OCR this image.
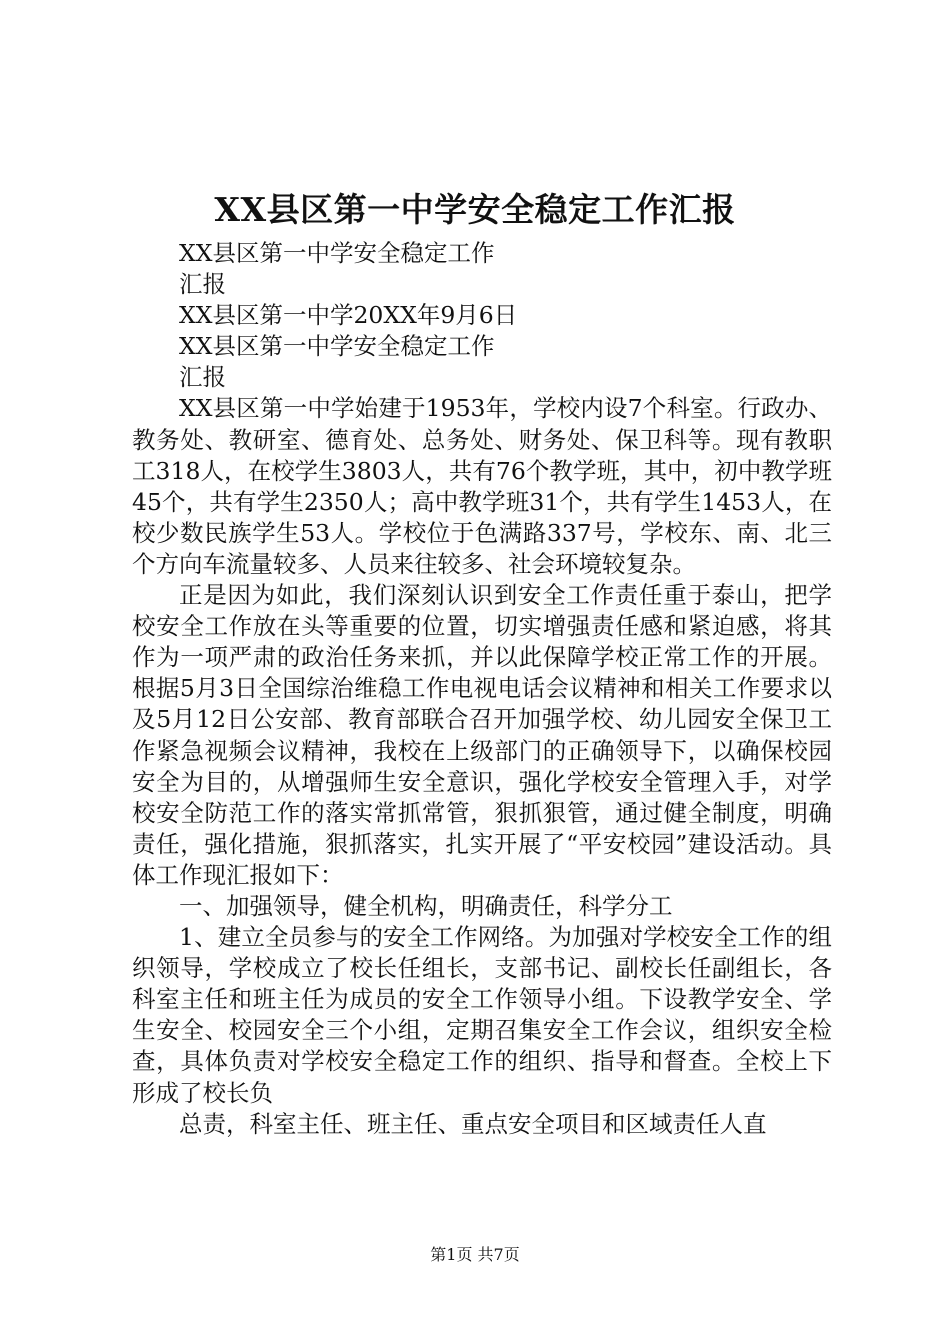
XX县区第一中学安全稳定工作汇报

XX县区第一中学安全稳定工作

汇报

XX县区第一中学20XX年9月6日

XX县区第一中学安全稳定工作

汇报

XX县区第一中学始建于1953年，学校内设7个科室。行政办、教务处、教研室、德育处、总务处、财务处、保卫科等。现有教职工318人，在校学生3803人，共有76个教学班，其中，初中教学班45个，共有学生2350人；高中教学班31个，共有学生1453人，在校少数民族学生53人。学校位于色满路337号，学校东、南、北三个方向车流量较多、人员来往较多、社会环境较复杂。

正是因为如此，我们深刻认识到安全工作责任重于泰山，把学校安全工作放在头等重要的位置，切实增强责任感和紧迫感，将其作为一项严肃的政治任务来抓，并以此保障学校正常工作的开展。根据5月3日全国综治维稳工作电视电话会议精神和相关工作要求以及5月12日公安部、教育部联合召开加强学校、幼儿园安全保卫工作紧急视频会议精神，我校在上级部门的正确领导下，以确保校园安全为目的，从增强师生安全意识，强化学校安全管理入手，对学校安全防范工作的落实常抓常管，狠抓狠管，通过健全制度，明确责任，强化措施，狠抓落实，扎实开展了“平安校园”建设活动。具体工作现汇报如下：

一、加强领导，健全机构，明确责任，科学分工

1、建立全员参与的安全工作网络。为加强对学校安全工作的组织领导，学校成立了校长任组长，支部书记、副校长任副组长，各科室主任和班主任为成员的安全工作领导小组。下设教学安全、学生安全、校园安全三个小组，定期召集安全工作会议，组织安全检查，具体负责对学校安全稳定工作的组织、指导和督查。全校上下形成了校长负

总责，科室主任、班主任、重点安全项目和区域责任人直

第1页 共7页
